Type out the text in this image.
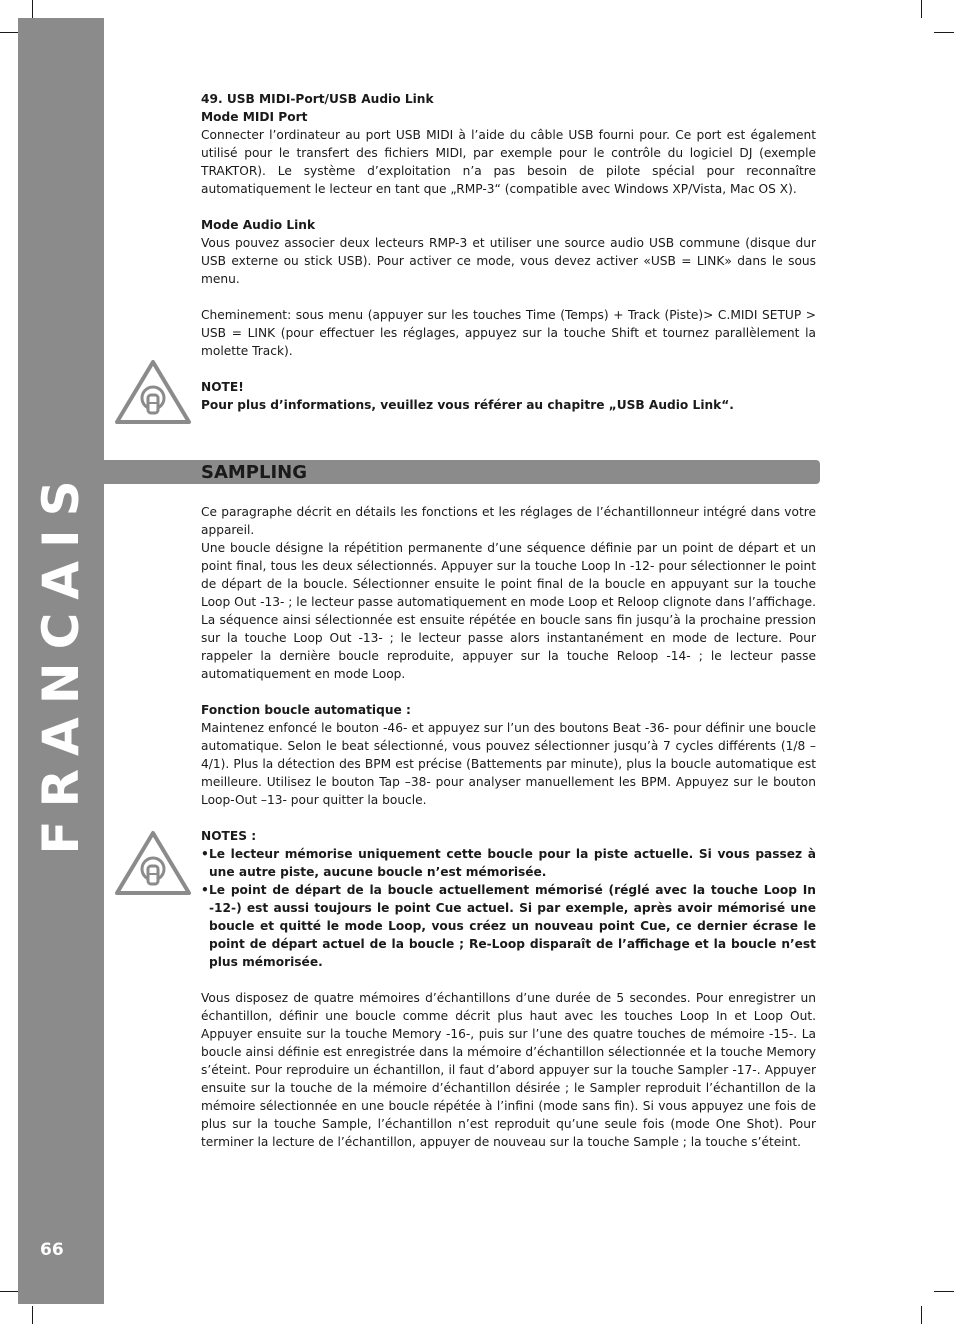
FRANCAIS
66

49. USB MIDI-Port/USB Audio Link

Mode MIDI Port

Connecter l’ordinateur au port USB MIDI à l’aide du câble USB fourni pour. Ce port est également utilisé pour le transfert des fichiers MIDI, par exemple pour le contrôle du logiciel DJ (exemple TRAKTOR). Le système d’exploitation n’a pas besoin de pilote spécial pour reconnaître automatiquement le lecteur en tant que „RMP-3“ (compatible avec Windows XP/Vista, Mac OS X).

Mode Audio Link

Vous pouvez associer deux lecteurs RMP-3 et utiliser une source audio USB commune (disque dur USB externe ou stick USB). Pour activer ce mode, vous devez activer «USB = LINK» dans le sous menu.

Cheminement: sous menu (appuyer sur les touches Time (Temps) + Track (Piste)> C.MIDI SETUP > USB = LINK (pour effectuer les réglages, appuyez sur la touche Shift et tournez parallèlement la molette Track).

NOTE!

Pour plus d’informations, veuillez vous référer au chapitre „USB Audio Link“.

SAMPLING

Ce paragraphe décrit en détails les fonctions et les réglages de l’échantillonneur intégré dans votre appareil.

Une boucle désigne la répétition permanente d’une séquence définie par un point de départ et un point final, tous les deux sélectionnés. Appuyer sur la touche Loop In -12- pour sélectionner le point de départ de la boucle. Sélectionner ensuite le point final de la boucle en appuyant sur la touche Loop Out -13- ; le lecteur passe automatiquement en mode Loop et Reloop clignote dans l’affichage. La séquence ainsi sélectionnée est ensuite répétée en boucle sans fin jusqu’à la prochaine pression sur la touche Loop Out -13- ; le lecteur passe alors instantanément en mode de lecture. Pour rappeler la dernière boucle reproduite, appuyer sur la touche Reloop -14- ; le lecteur passe automatiquement en mode Loop.

Fonction boucle automatique :

Maintenez enfoncé le bouton -46- et appuyez sur l’un des boutons Beat -36- pour définir une boucle automatique. Selon le beat sélectionné, vous pouvez sélectionner jusqu’à 7 cycles différents (1/8 – 4/1). Plus la détection des BPM est précise (Battements par minute), plus la boucle automatique est meilleure. Utilisez le bouton Tap –38- pour analyser manuellement les BPM. Appuyez sur le bouton Loop-Out –13- pour quitter la boucle.

NOTES :

• Le lecteur mémorise uniquement cette boucle pour la piste actuelle. Si vous passez à une autre piste, aucune boucle n’est mémorisée.
• Le point de départ de la boucle actuellement mémorisé (réglé avec la touche Loop In -12-) est aussi toujours le point Cue actuel. Si par exemple, après avoir mémorisé une boucle et quitté le mode Loop, vous créez un nouveau point Cue, ce dernier écrase le point de départ actuel de la boucle ; Re-Loop disparaît de l’affichage et la boucle n’est plus mémorisée.

Vous disposez de quatre mémoires d’échantillons d’une durée de 5 secondes. Pour enregistrer un échantillon, définir une boucle comme décrit plus haut avec les touches Loop In et Loop Out. Appuyer ensuite sur la touche Memory -16-, puis sur l’une des quatre touches de mémoire -15-. La boucle ainsi définie est enregistrée dans la mémoire d’échantillon sélectionnée et la touche Memory s’éteint. Pour reproduire un échantillon, il faut d’abord appuyer sur la touche Sampler -17-. Appuyer ensuite sur la touche de la mémoire d’échantillon désirée ; le Sampler reproduit l’échantillon de la mémoire sélectionnée en une boucle répétée à l’infini (mode sans fin). Si vous appuyez une fois de plus sur la touche Sample, l’échantillon n’est reproduit qu’une seule fois (mode One Shot). Pour terminer la lecture de l’échantillon, appuyer de nouveau sur la touche Sample ; la touche s’éteint.
